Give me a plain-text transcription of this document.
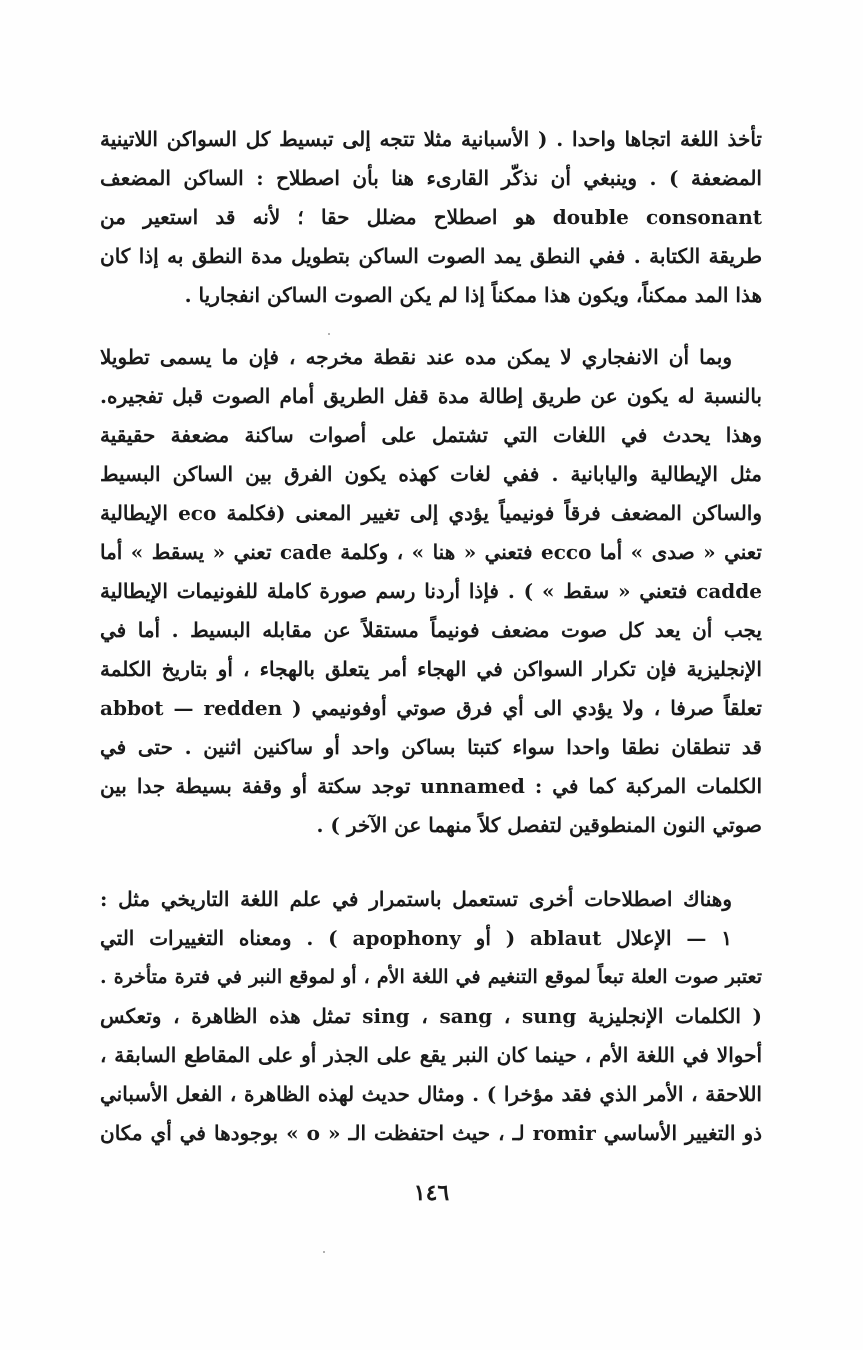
تأخذ اللغة اتجاها واحدا . ( الأسبانية مثلا تتجه إلى تبسيط كل السواكن اللاتينية
المضعفة ) . وينبغي أن نذكّر القارىء هنا بأن اصطلاح : الساكن المضعف
double consonant هو اصطلاح مضلل حقا ؛ لأنه قد استعير من
طريقة الكتابة . ففي النطق يمد الصوت الساكن بتطويل مدة النطق به إذا كان
هذا المد ممكناً، ويكون هذا ممكناً إذا لم يكن الصوت الساكن انفجاريا .
وبما أن الانفجاري لا يمكن مده عند نقطة مخرجه ، فإن ما يسمى تطويلا
بالنسبة له يكون عن طريق إطالة مدة قفل الطريق أمام الصوت قبل تفجيره.
وهذا يحدث في اللغات التي تشتمل على أصوات ساكنة مضعفة حقيقية
مثل الإيطالية واليابانية . ففي لغات كهذه يكون الفرق بين الساكن البسيط
والساكن المضعف فرقاً فونيمياً يؤدي إلى تغيير المعنى (فكلمة eco الإيطالية
تعني « صدى » أما ecco فتعني « هنا » ، وكلمة cade تعني « يسقط » أما
cadde فتعني « سقط » ) . فإذا أردنا رسم صورة كاملة للفونيمات الإيطالية
يجب أن يعد كل صوت مضعف فونيماً مستقلاً عن مقابله البسيط . أما في
الإنجليزية فإن تكرار السواكن في الهجاء أمر يتعلق بالهجاء ، أو بتاريخ الكلمة
تعلقاً صرفا ، ولا يؤدي الى أي فرق صوتي أوفونيمي ( abbot — redden
قد تنطقان نطقا واحدا سواء كتبتا بساكن واحد أو ساكنين اثنين . حتى في
الكلمات المركبة كما في : unnamed توجد سكتة أو وقفة بسيطة جدا بين
صوتي النون المنطوقين لتفصل كلاً منهما عن الآخر ) .
وهناك اصطلاحات أخرى تستعمل باستمرار في علم اللغة التاريخي مثل :
١ — الإعلال ablaut ( أو apophony ) . ومعناه التغييرات التي
تعتبر صوت العلة تبعاً لموقع التنغيم في اللغة الأم ، أو لموقع النبر في فترة متأخرة .
( الكلمات الإنجليزية sing ، sang ، sung تمثل هذه الظاهرة ، وتعكس
أحوالا في اللغة الأم ، حينما كان النبر يقع على الجذر أو على المقاطع السابقة ،
اللاحقة ، الأمر الذي فقد مؤخرا ) . ومثال حديث لهذه الظاهرة ، الفعل الأسباني
ذو التغيير الأساسي romir لـ ، حيث احتفظت الـ « o » بوجودها في أي مكان
١٤٦
